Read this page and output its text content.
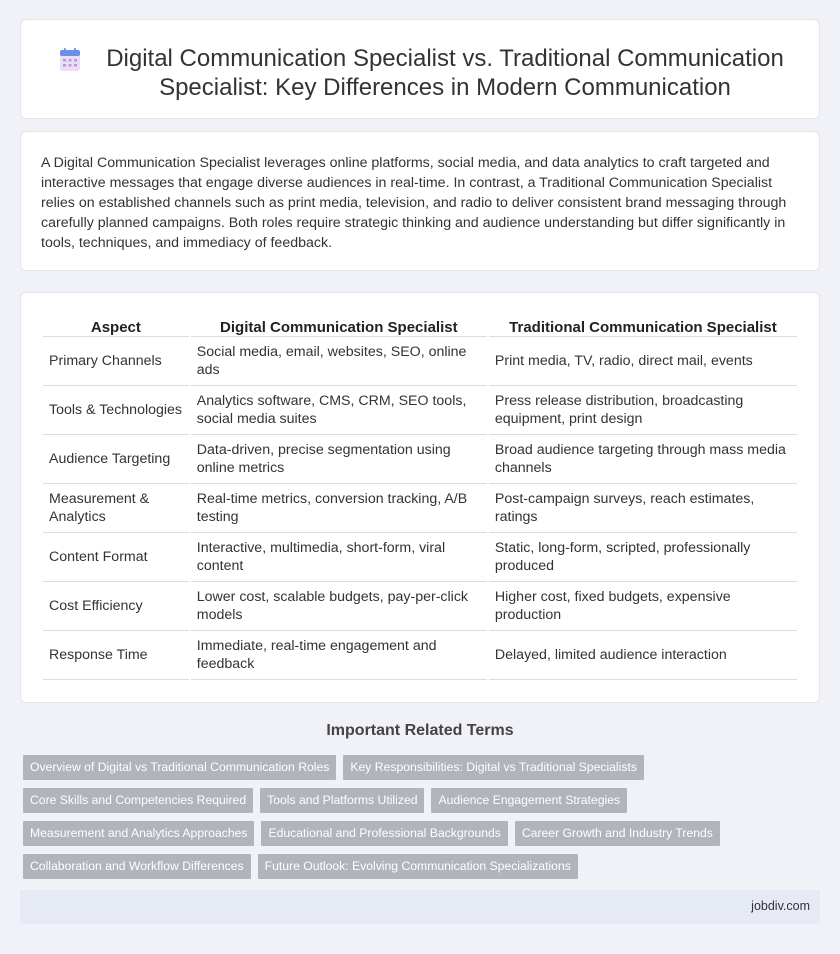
Digital Communication Specialist vs. Traditional Communication Specialist: Key Differences in Modern Communication

A Digital Communication Specialist leverages online platforms, social media, and data analytics to craft targeted and interactive messages that engage diverse audiences in real-time. In contrast, a Traditional Communication Specialist relies on established channels such as print media, television, and radio to deliver consistent brand messaging through carefully planned campaigns. Both roles require strategic thinking and audience understanding but differ significantly in tools, techniques, and immediacy of feedback.

Aspect	Digital Communication Specialist	Traditional Communication Specialist
Primary Channels	Social media, email, websites, SEO, online ads	Print media, TV, radio, direct mail, events
Tools & Technologies	Analytics software, CMS, CRM, SEO tools, social media suites	Press release distribution, broadcasting equipment, print design
Audience Targeting	Data-driven, precise segmentation using online metrics	Broad audience targeting through mass media channels
Measurement & Analytics	Real-time metrics, conversion tracking, A/B testing	Post-campaign surveys, reach estimates, ratings
Content Format	Interactive, multimedia, short-form, viral content	Static, long-form, scripted, professionally produced
Cost Efficiency	Lower cost, scalable budgets, pay-per-click models	Higher cost, fixed budgets, expensive production
Response Time	Immediate, real-time engagement and feedback	Delayed, limited audience interaction
Important Related Terms
Overview of Digital vs Traditional Communication Roles	Key Responsibilities: Digital vs Traditional Specialists
Core Skills and Competencies Required	Tools and Platforms Utilized	Audience Engagement Strategies
Measurement and Analytics Approaches	Educational and Professional Backgrounds	Career Growth and Industry Trends
Collaboration and Workflow Differences	Future Outlook: Evolving Communication Specializations
jobdiv.com
